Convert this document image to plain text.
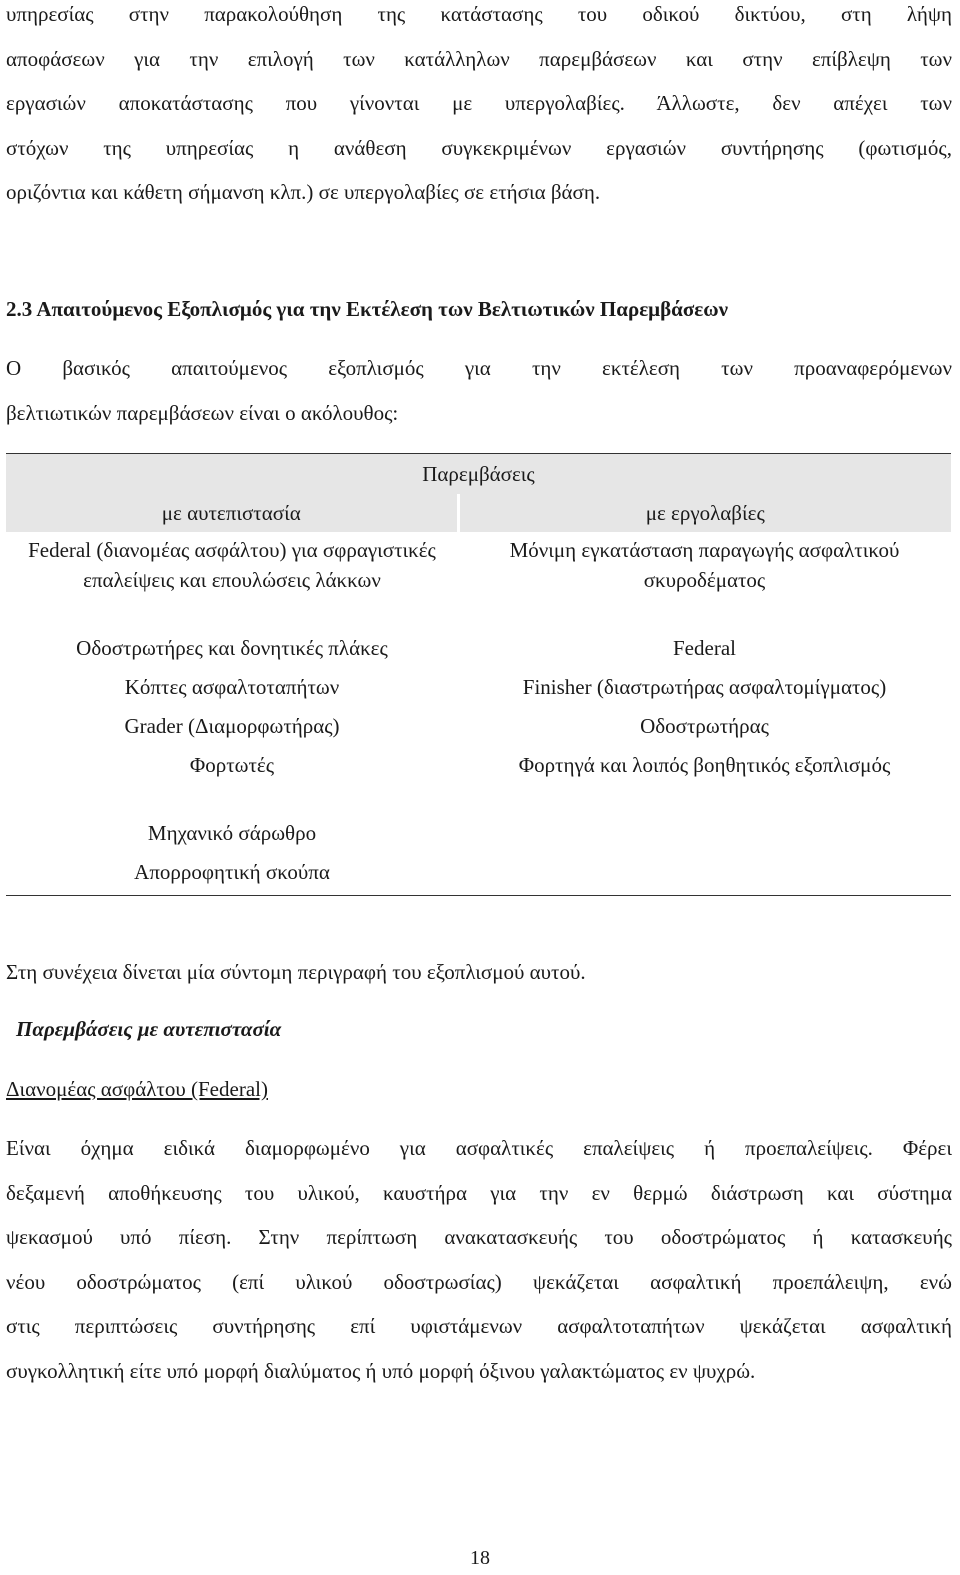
υπηρεσίας στην παρακολούθηση της κατάστασης του οδικού δικτύου, στη λήψη
αποφάσεων για την επιλογή των κατάλληλων παρεμβάσεων και στην επίβλεψη των
εργασιών αποκατάστασης που γίνονται με υπεργολαβίες. Άλλωστε, δεν απέχει των
στόχων της υπηρεσίας η ανάθεση συγκεκριμένων εργασιών συντήρησης (φωτισμός,
οριζόντια και κάθετη σήμανση κλπ.) σε υπεργολαβίες σε ετήσια βάση.
2.3 Απαιτούμενος Εξοπλισμός για την Εκτέλεση των Βελτιωτικών Παρεμβάσεων
Ο βασικός απαιτούμενος εξοπλισμός για την εκτέλεση των προαναφερόμενων
βελτιωτικών παρεμβάσεων είναι ο ακόλουθος:
Παρεμβάσεις	
με αυτεπιστασία	με εργολαβίες
Federal (διανομέας ασφάλτου) για σφραγιστικές επαλείψεις και επουλώσεις λάκκων	Μόνιμη εγκατάσταση παραγωγής ασφαλτικού σκυροδέματος
Οδοστρωτήρες και δονητικές πλάκες	Federal
Κόπτες ασφαλτοταπήτων	Finisher (διαστρωτήρας ασφαλτομίγματος)
Grader (Διαμορφωτήρας)	Οδοστρωτήρας
Φορτωτές	Φορτηγά και λοιπός βοηθητικός εξοπλισμός
Μηχανικό σάρωθρο	
Απορροφητική σκούπα	
Στη συνέχεια δίνεται μία σύντομη περιγραφή του εξοπλισμού αυτού.
Παρεμβάσεις με αυτεπιστασία
Διανομέας ασφάλτου (Federal)
Είναι όχημα ειδικά διαμορφωμένο για ασφαλτικές επαλείψεις ή προεπαλείψεις. Φέρει
δεξαμενή αποθήκευσης του υλικού, καυστήρα για την εν θερμώ διάστρωση και σύστημα
ψεκασμού υπό πίεση. Στην περίπτωση ανακατασκευής του οδοστρώματος ή κατασκευής
νέου οδοστρώματος (επί υλικού οδοστρωσίας) ψεκάζεται ασφαλτική προεπάλειψη, ενώ
στις περιπτώσεις συντήρησης επί υφιστάμενων ασφαλτοταπήτων ψεκάζεται ασφαλτική
συγκολλητική είτε υπό μορφή διαλύματος ή υπό μορφή όξινου γαλακτώματος εν ψυχρώ.
18
